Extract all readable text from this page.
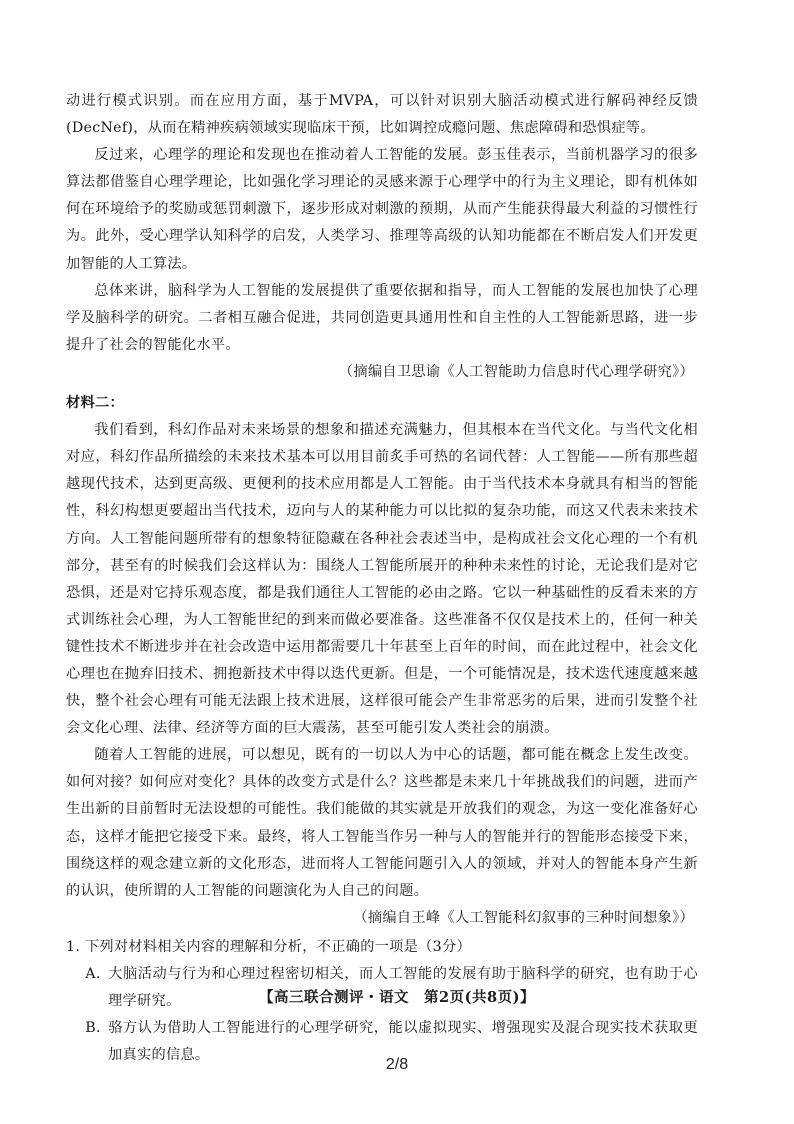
动进行模式识别。而在应用方面，基于MVPA，可以针对识别大脑活动模式进行解码神经反馈(DecNef)，从而在精神疾病领域实现临床干预，比如调控成瘾问题、焦虑障碍和恐惧症等。

反过来，心理学的理论和发现也在推动着人工智能的发展。彭玉佳表示，当前机器学习的很多算法都借鉴自心理学理论，比如强化学习理论的灵感来源于心理学中的行为主义理论，即有机体如何在环境给予的奖励或惩罚刺激下，逐步形成对刺激的预期，从而产生能获得最大利益的习惯性行为。此外，受心理学认知科学的启发，人类学习、推理等高级的认知功能都在不断启发人们开发更加智能的人工算法。

总体来讲，脑科学为人工智能的发展提供了重要依据和指导，而人工智能的发展也加快了心理学及脑科学的研究。二者相互融合促进，共同创造更具通用性和自主性的人工智能新思路，进一步提升了社会的智能化水平。

（摘编自卫思谕《人工智能助力信息时代心理学研究》）

材料二：

我们看到，科幻作品对未来场景的想象和描述充满魅力，但其根本在当代文化。与当代文化相对应，科幻作品所描绘的未来技术基本可以用目前炙手可热的名词代替：人工智能——所有那些超越现代技术，达到更高级、更便利的技术应用都是人工智能。由于当代技术本身就具有相当的智能性，科幻构想更要超出当代技术，迈向与人的某种能力可以比拟的复杂功能，而这又代表未来技术方向。人工智能问题所带有的想象特征隐藏在各种社会表述当中，是构成社会文化心理的一个有机部分，甚至有的时候我们会这样认为：围绕人工智能所展开的种种未来性的讨论，无论我们是对它恐惧，还是对它持乐观态度，都是我们通往人工智能的必由之路。它以一种基础性的反看未来的方式训练社会心理，为人工智能世纪的到来而做必要准备。这些准备不仅仅是技术上的，任何一种关键性技术不断进步并在社会改造中运用都需要几十年甚至上百年的时间，而在此过程中，社会文化心理也在抛弃旧技术、拥抱新技术中得以迭代更新。但是，一个可能情况是，技术迭代速度越来越快，整个社会心理有可能无法跟上技术进展，这样很可能会产生非常恶劣的后果，进而引发整个社会文化心理、法律、经济等方面的巨大震荡，甚至可能引发人类社会的崩溃。

随着人工智能的进展，可以想见，既有的一切以人为中心的话题，都可能在概念上发生改变。如何对接？如何应对变化？具体的改变方式是什么？这些都是未来几十年挑战我们的问题，进而产生出新的目前暂时无法设想的可能性。我们能做的其实就是开放我们的观念，为这一变化准备好心态，这样才能把它接受下来。最终，将人工智能当作另一种与人的智能并行的智能形态接受下来，围绕这样的观念建立新的文化形态，进而将人工智能问题引入人的领域，并对人的智能本身产生新的认识，使所谓的人工智能的问题演化为人自己的问题。

（摘编自王峰《人工智能科幻叙事的三种时间想象》）

1. 下列对材料相关内容的理解和分析，不正确的一项是（3分）

A. 大脑活动与行为和心理过程密切相关，而人工智能的发展有助于脑科学的研究，也有助于心理学研究。

B. 骆方认为借助人工智能进行的心理学研究，能以虚拟现实、增强现实及混合现实技术获取更加真实的信息。

【高三联合测评・语文　第2页(共8页)】
2/8
